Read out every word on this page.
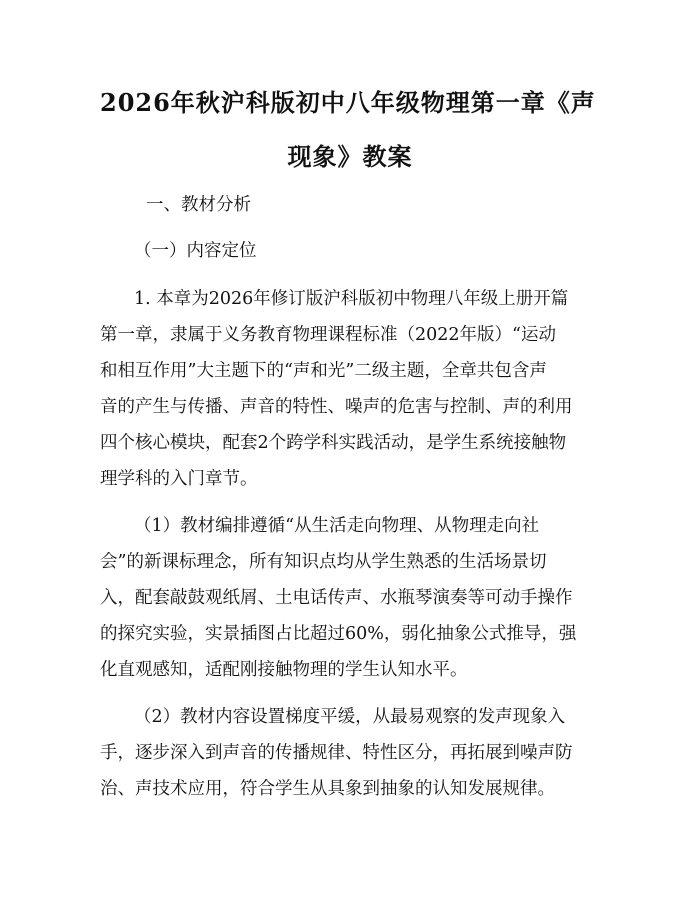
2026年秋沪科版初中八年级物理第一章《声
现象》教案
一、教材分析
（一）内容定位
1. 本章为2026年修订版沪科版初中物理八年级上册开篇
第一章，隶属于义务教育物理课程标准（2022年版）“运动
和相互作用”大主题下的“声和光”二级主题，全章共包含声
音的产生与传播、声音的特性、噪声的危害与控制、声的利用
四个核心模块，配套2个跨学科实践活动，是学生系统接触物
理学科的入门章节。
（1）教材编排遵循“从生活走向物理、从物理走向社
会”的新课标理念，所有知识点均从学生熟悉的生活场景切
入，配套敲鼓观纸屑、土电话传声、水瓶琴演奏等可动手操作
的探究实验，实景插图占比超过60%，弱化抽象公式推导，强
化直观感知，适配刚接触物理的学生认知水平。
（2）教材内容设置梯度平缓，从最易观察的发声现象入
手，逐步深入到声音的传播规律、特性区分，再拓展到噪声防
治、声技术应用，符合学生从具象到抽象的认知发展规律。
